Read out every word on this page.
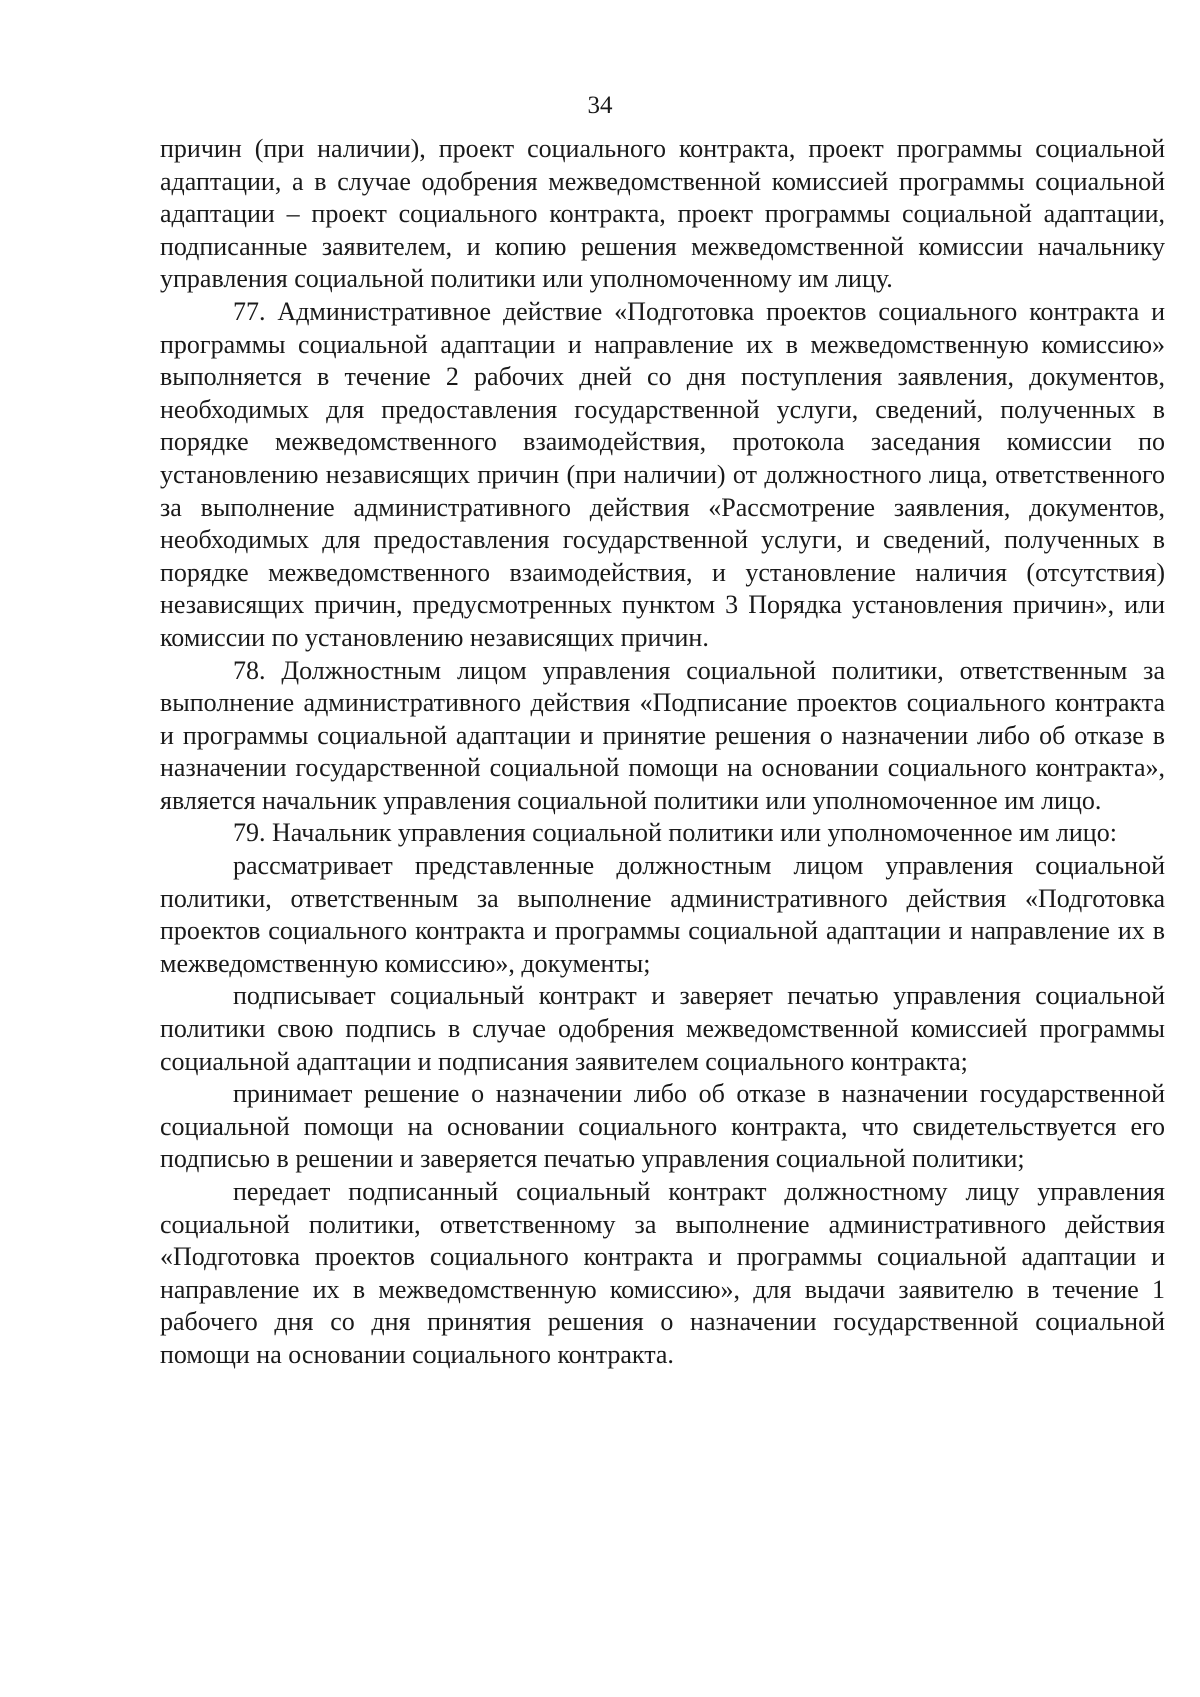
34

причин (при наличии), проект социального контракта, проект программы социальной адаптации, а в случае одобрения межведомственной комиссией программы социальной адаптации – проект социального контракта, проект программы социальной адаптации, подписанные заявителем, и копию решения межведомственной комиссии начальнику управления социальной политики или уполномоченному им лицу.

77. Административное действие «Подготовка проектов социального контракта и программы социальной адаптации и направление их в межведомственную комиссию» выполняется в течение 2 рабочих дней со дня поступления заявления, документов, необходимых для предоставления государственной услуги, сведений, полученных в порядке межведомственного взаимодействия, протокола заседания комиссии по установлению независящих причин (при наличии) от должностного лица, ответственного за выполнение административного действия «Рассмотрение заявления, документов, необходимых для предоставления государственной услуги, и сведений, полученных в порядке межведомственного взаимодействия, и установление наличия (отсутствия) независящих причин, предусмотренных пунктом 3 Порядка установления причин», или комиссии по установлению независящих причин.

78. Должностным лицом управления социальной политики, ответственным за выполнение административного действия «Подписание проектов социального контракта и программы социальной адаптации и принятие решения о назначении либо об отказе в назначении государственной социальной помощи на основании социального контракта», является начальник управления социальной политики или уполномоченное им лицо.

79. Начальник управления социальной политики или уполномоченное им лицо:

рассматривает представленные должностным лицом управления социальной политики, ответственным за выполнение административного действия «Подготовка проектов социального контракта и программы социальной адаптации и направление их в межведомственную комиссию», документы;

подписывает социальный контракт и заверяет печатью управления социальной политики свою подпись в случае одобрения межведомственной комиссией программы социальной адаптации и подписания заявителем социального контракта;

принимает решение о назначении либо об отказе в назначении государственной социальной помощи на основании социального контракта, что свидетельствуется его подписью в решении и заверяется печатью управления социальной политики;

передает подписанный социальный контракт должностному лицу управления социальной политики, ответственному за выполнение административного действия «Подготовка проектов социального контракта и программы социальной адаптации и направление их в межведомственную комиссию», для выдачи заявителю в течение 1 рабочего дня со дня принятия решения о назначении государственной социальной помощи на основании социального контракта.
